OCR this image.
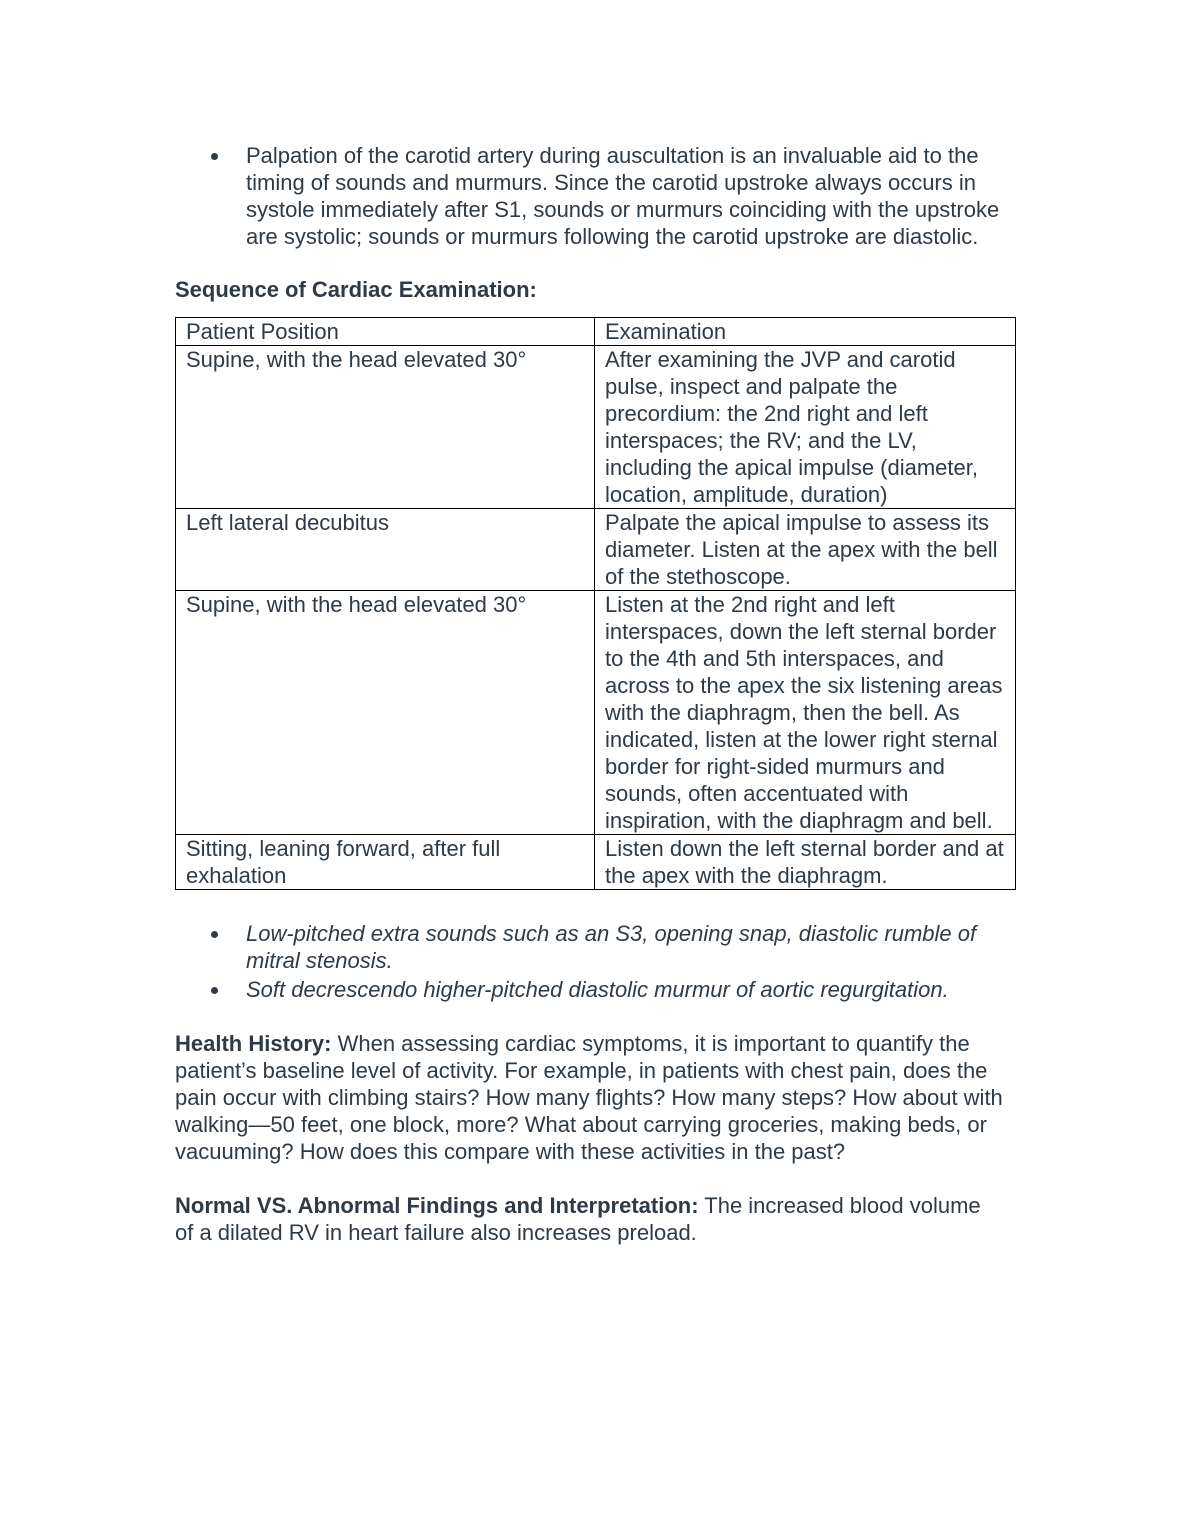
Palpation of the carotid artery during auscultation is an invaluable aid to the timing of sounds and murmurs. Since the carotid upstroke always occurs in systole immediately after S1, sounds or murmurs coinciding with the upstroke are systolic; sounds or murmurs following the carotid upstroke are diastolic.
Sequence of Cardiac Examination:
Patient Position	Examination
Supine, with the head elevated 30°	After examining the JVP and carotid pulse, inspect and palpate the precordium: the 2nd right and left interspaces; the RV; and the LV, including the apical impulse (diameter, location, amplitude, duration)
Left lateral decubitus	Palpate the apical impulse to assess its diameter. Listen at the apex with the bell of the stethoscope.
Supine, with the head elevated 30°	Listen at the 2nd right and left interspaces, down the left sternal border to the 4th and 5th interspaces, and across to the apex the six listening areas with the diaphragm, then the bell. As indicated, listen at the lower right sternal border for right-sided murmurs and sounds, often accentuated with inspiration, with the diaphragm and bell.
Sitting, leaning forward, after full exhalation	Listen down the left sternal border and at the apex with the diaphragm.
Low-pitched extra sounds such as an S3, opening snap, diastolic rumble of mitral stenosis.
Soft decrescendo higher-pitched diastolic murmur of aortic regurgitation.

Health History: When assessing cardiac symptoms, it is important to quantify the patient’s baseline level of activity. For example, in patients with chest pain, does the pain occur with climbing stairs? How many flights? How many steps? How about with walking—50 feet, one block, more? What about carrying groceries, making beds, or vacuuming? How does this compare with these activities in the past?

Normal VS. Abnormal Findings and Interpretation: The increased blood volume of a dilated RV in heart failure also increases preload.
